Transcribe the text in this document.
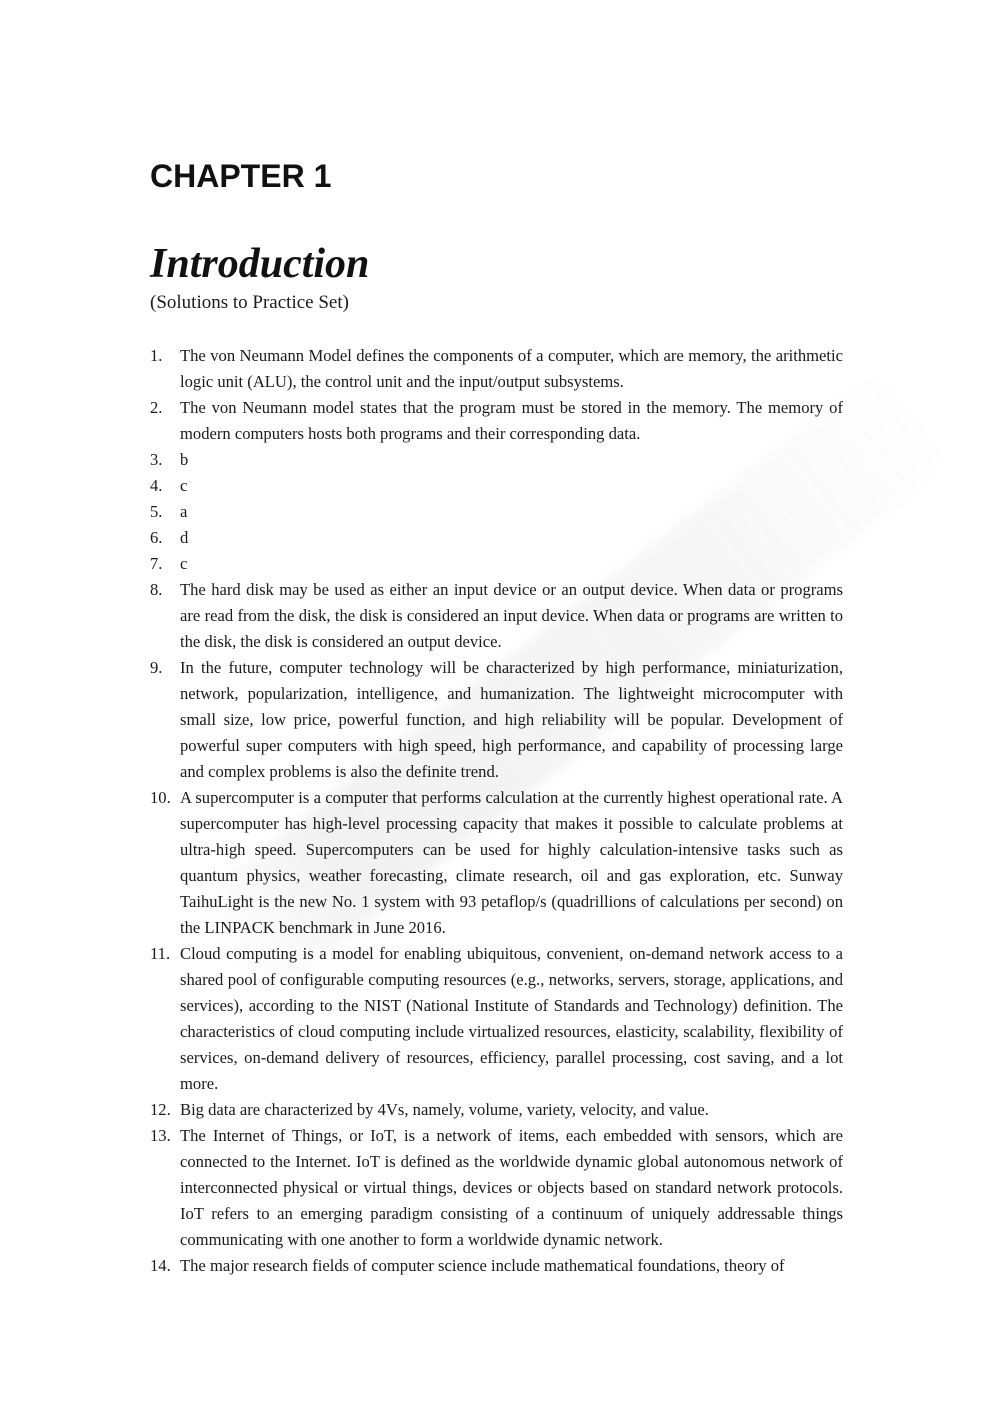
CHAPTER 1
Introduction

(Solutions to Practice Set)

1. The von Neumann Model defines the components of a computer, which are memory, the arithmetic logic unit (ALU), the control unit and the input/output subsystems.
2. The von Neumann model states that the program must be stored in the memory. The memory of modern computers hosts both programs and their corresponding data.
3. b
4. c
5. a
6. d
7. c
8. The hard disk may be used as either an input device or an output device. When data or programs are read from the disk, the disk is considered an input device. When data or programs are written to the disk, the disk is considered an output device.
9. In the future, computer technology will be characterized by high performance, miniaturization, network, popularization, intelligence, and humanization. The lightweight microcomputer with small size, low price, powerful function, and high reliability will be popular. Development of powerful super computers with high speed, high performance, and capability of processing large and complex problems is also the definite trend.
10. A supercomputer is a computer that performs calculation at the currently highest operational rate. A supercomputer has high-level processing capacity that makes it possible to calculate problems at ultra-high speed. Supercomputers can be used for highly calculation-intensive tasks such as quantum physics, weather forecasting, climate research, oil and gas exploration, etc. Sunway TaihuLight is the new No. 1 system with 93 petaflop/s (quadrillions of calculations per second) on the LINPACK benchmark in June 2016.
11. Cloud computing is a model for enabling ubiquitous, convenient, on-demand network access to a shared pool of configurable computing resources (e.g., networks, servers, storage, applications, and services), according to the NIST (National Institute of Standards and Technology) definition. The characteristics of cloud computing include virtualized resources, elasticity, scalability, flexibility of services, on-demand delivery of resources, efficiency, parallel processing, cost saving, and a lot more.
12. Big data are characterized by 4Vs, namely, volume, variety, velocity, and value.
13. The Internet of Things, or IoT, is a network of items, each embedded with sensors, which are connected to the Internet. IoT is defined as the worldwide dynamic global autonomous network of interconnected physical or virtual things, devices or objects based on standard network protocols. IoT refers to an emerging paradigm consisting of a continuum of uniquely addressable things communicating with one another to form a worldwide dynamic network.
14. The major research fields of computer science include mathematical foundations, theory of
